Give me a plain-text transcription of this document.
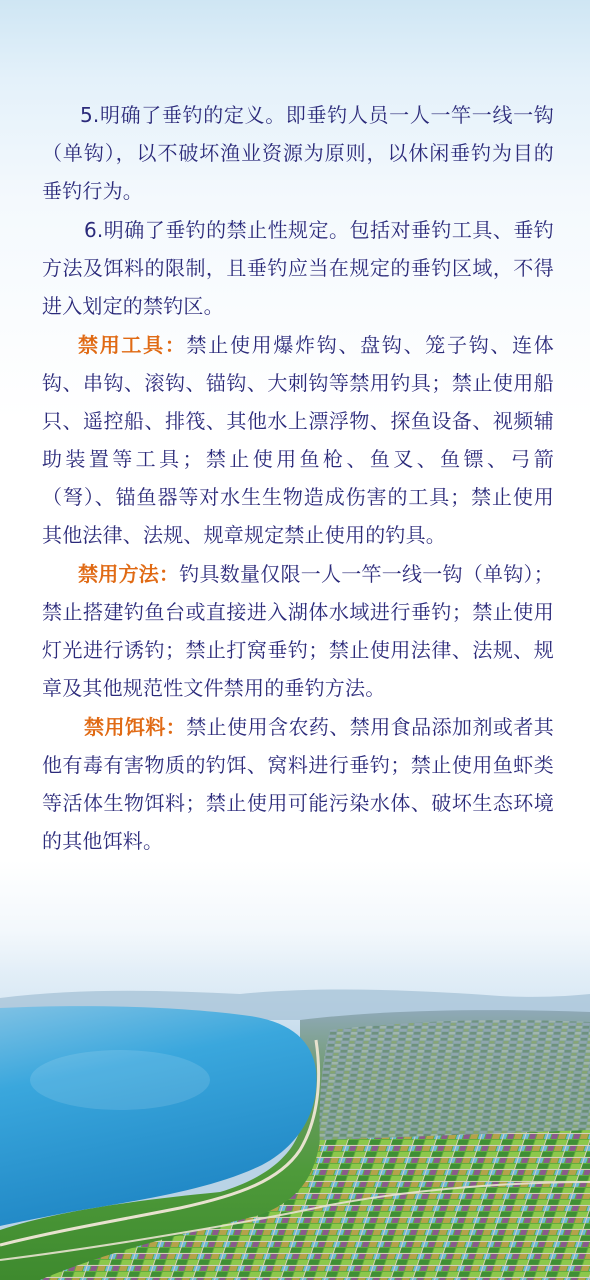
5.明确了垂钓的定义。即垂钓人员一人一竿一线一钩（单钩），以不破坏渔业资源为原则，以休闲垂钓为目的垂钓行为。

6.明确了垂钓的禁止性规定。包括对垂钓工具、垂钓方法及饵料的限制，且垂钓应当在规定的垂钓区域，不得进入划定的禁钓区。

禁用工具：禁止使用爆炸钩、盘钩、笼子钩、连体钩、串钩、滚钩、锚钩、大刺钩等禁用钓具；禁止使用船只、遥控船、排筏、其他水上漂浮物、探鱼设备、视频辅助装置等工具；禁止使用鱼枪、鱼叉、鱼镖、弓箭（弩）、锚鱼器等对水生生物造成伤害的工具；禁止使用其他法律、法规、规章规定禁止使用的钓具。

禁用方法：钓具数量仅限一人一竿一线一钩（单钩）；禁止搭建钓鱼台或直接进入湖体水域进行垂钓；禁止使用灯光进行诱钓；禁止打窝垂钓；禁止使用法律、法规、规章及其他规范性文件禁用的垂钓方法。

禁用饵料：禁止使用含农药、禁用食品添加剂或者其他有毒有害物质的钓饵、窝料进行垂钓；禁止使用鱼虾类等活体生物饵料；禁止使用可能污染水体、破坏生态环境的其他饵料。
